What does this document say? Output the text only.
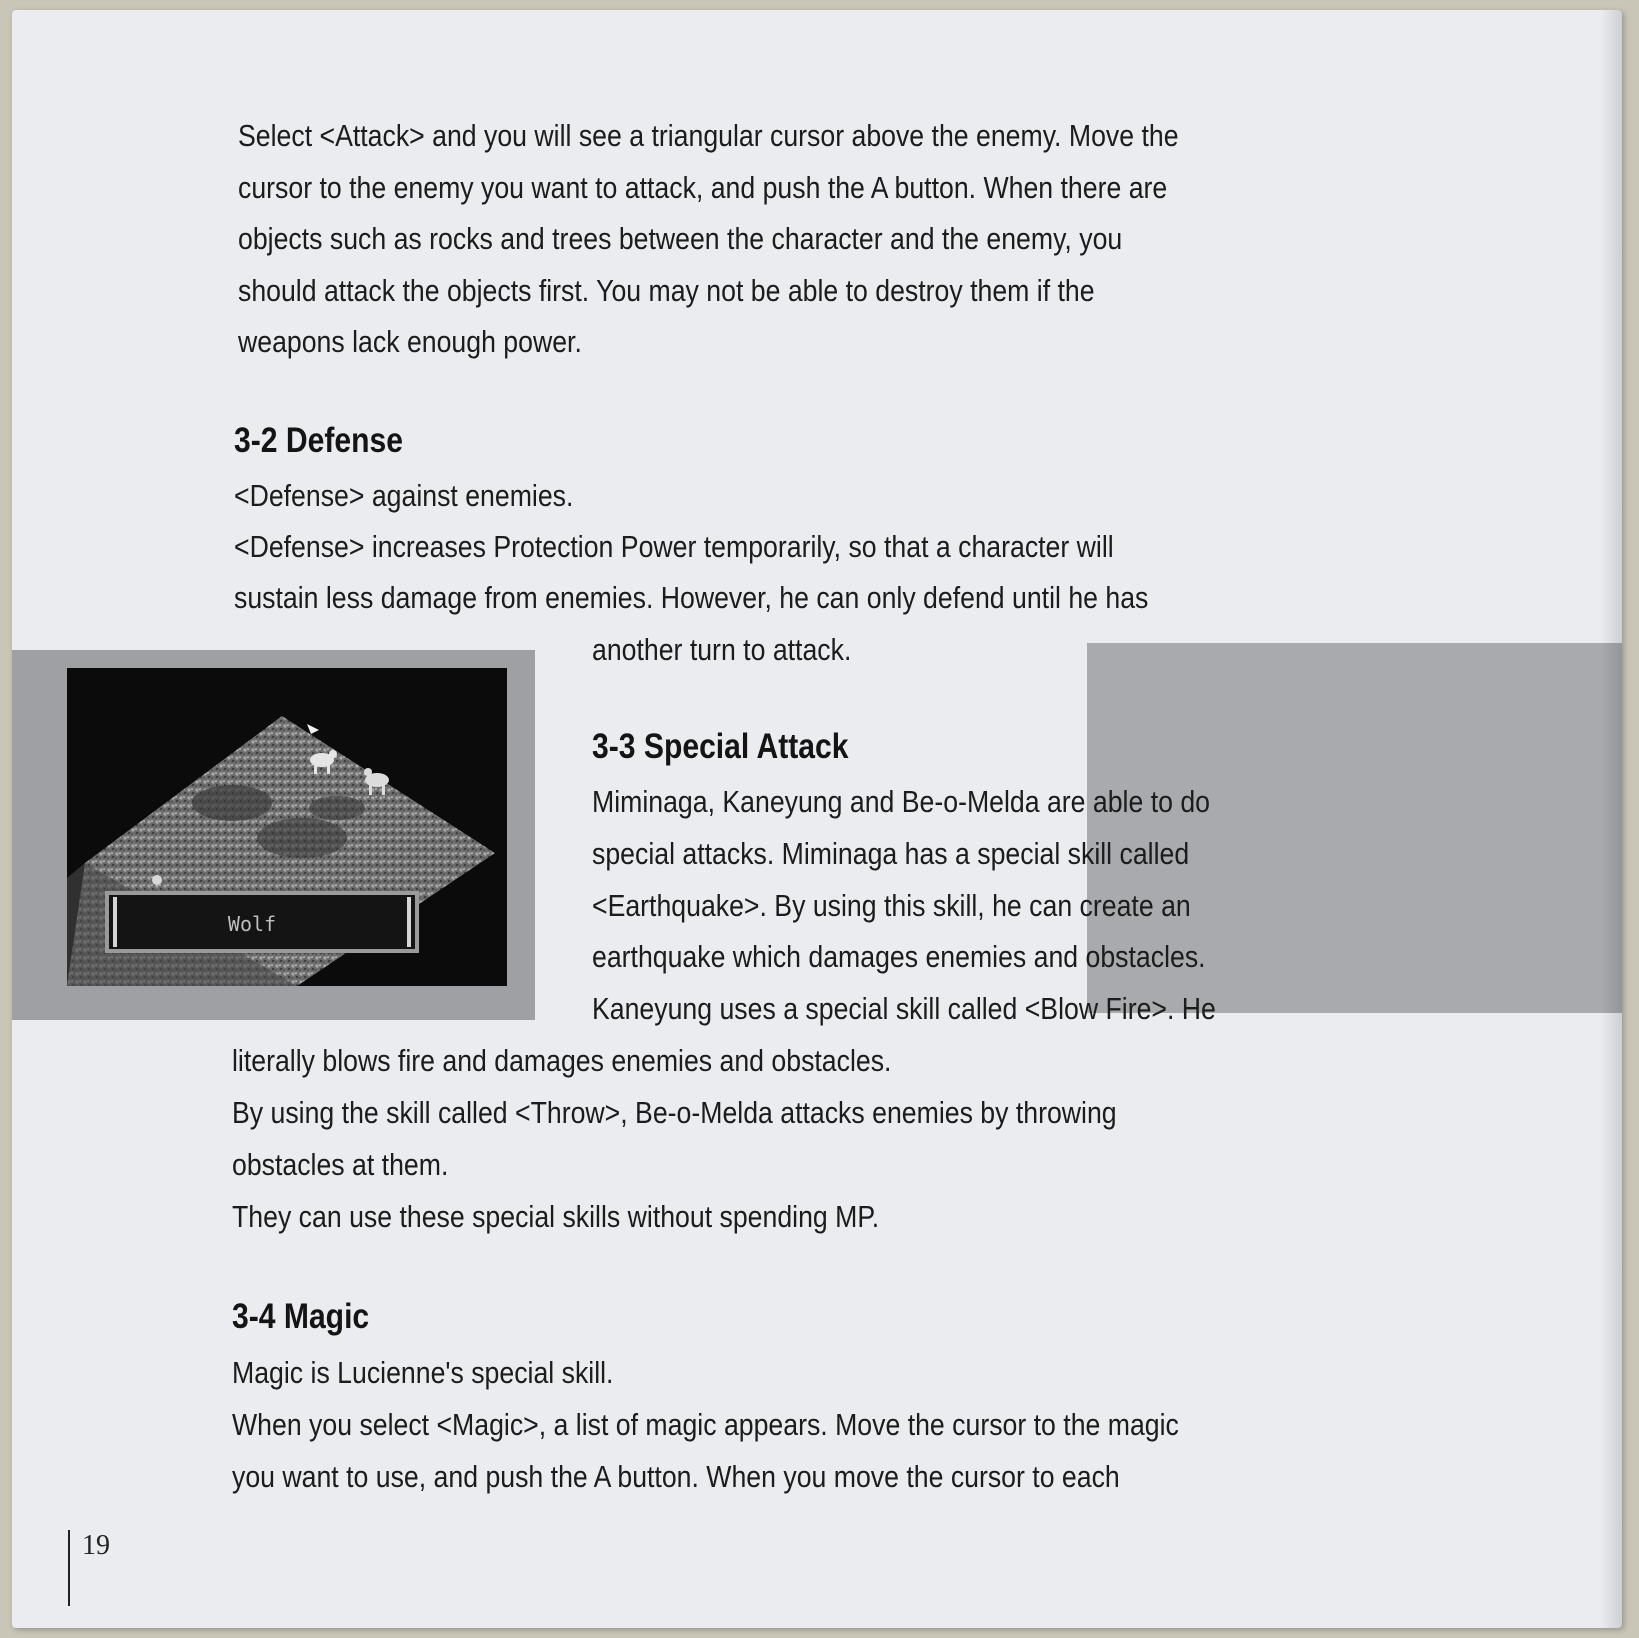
Wolf

Select <Attack> and you will see a triangular cursor above the enemy. Move the

cursor to the enemy you want to attack, and push the A button. When there are

objects such as rocks and trees between the character and the enemy, you

should attack the objects first. You may not be able to destroy them if the

weapons lack enough power.

3-2 Defense

<Defense> against enemies.

<Defense> increases Protection Power temporarily, so that a character will

sustain less damage from enemies. However, he can only defend until he has

another turn to attack.

3-3 Special Attack

Miminaga, Kaneyung and Be-o-Melda are able to do

special attacks. Miminaga has a special skill called

<Earthquake>. By using this skill, he can create an

earthquake which damages enemies and obstacles.

Kaneyung uses a special skill called <Blow Fire>. He

literally blows fire and damages enemies and obstacles.

By using the skill called <Throw>, Be-o-Melda attacks enemies by throwing

obstacles at them.

They can use these special skills without spending MP.

3-4 Magic

Magic is Lucienne's special skill.

When you select <Magic>, a list of magic appears. Move the cursor to the magic

you want to use, and push the A button. When you move the cursor to each

19
